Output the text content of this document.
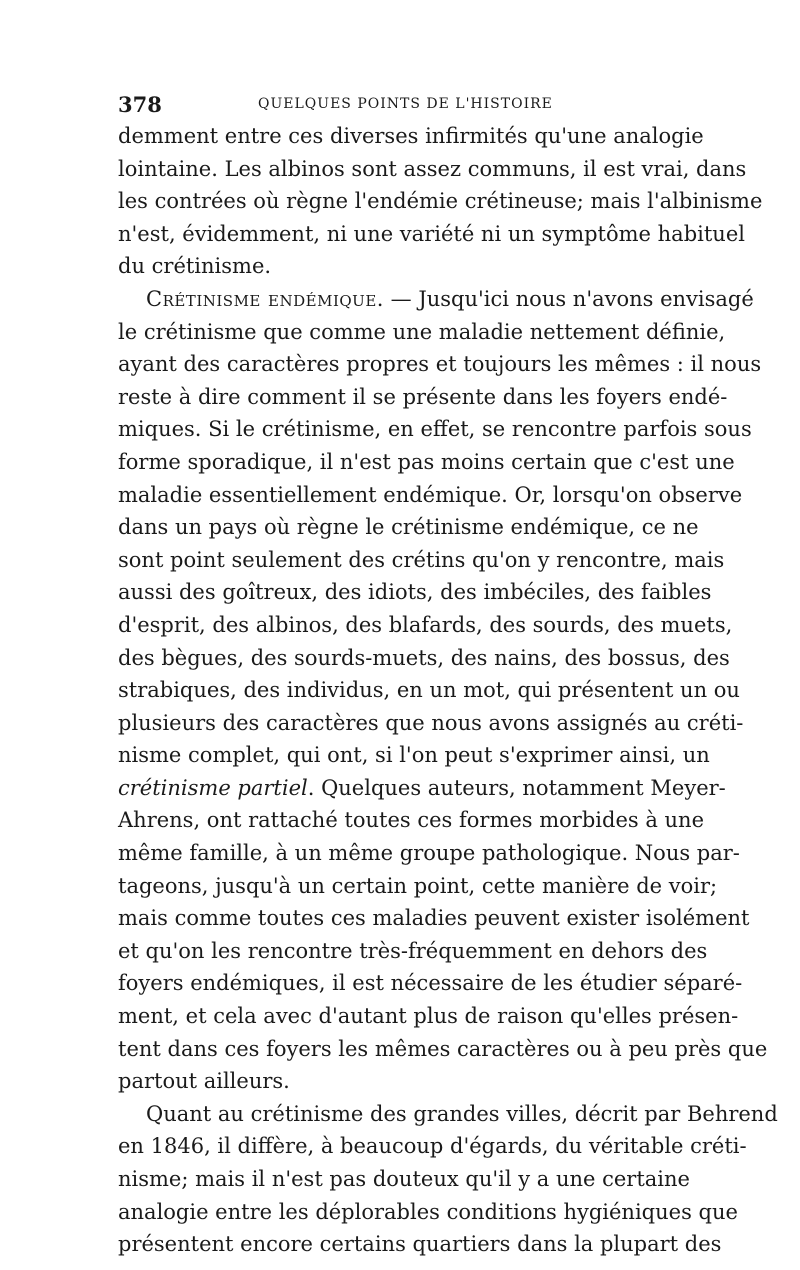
378	QUELQUES POINTS DE L'HISTOIRE
demment entre ces diverses infirmités qu'une analogie
lointaine. Les albinos sont assez communs, il est vrai, dans
les contrées où règne l'endémie crétineuse; mais l'albinisme
n'est, évidemment, ni une variété ni un symptôme habituel
du crétinisme.
Crétinisme endémique. — Jusqu'ici nous n'avons envisagé
le crétinisme que comme une maladie nettement définie,
ayant des caractères propres et toujours les mêmes : il nous
reste à dire comment il se présente dans les foyers endé-
miques. Si le crétinisme, en effet, se rencontre parfois sous
forme sporadique, il n'est pas moins certain que c'est une
maladie essentiellement endémique. Or, lorsqu'on observe
dans un pays où règne le crétinisme endémique, ce ne
sont point seulement des crétins qu'on y rencontre, mais
aussi des goîtreux, des idiots, des imbéciles, des faibles
d'esprit, des albinos, des blafards, des sourds, des muets,
des bègues, des sourds-muets, des nains, des bossus, des
strabiques, des individus, en un mot, qui présentent un ou
plusieurs des caractères que nous avons assignés au créti-
nisme complet, qui ont, si l'on peut s'exprimer ainsi, un
crétinisme partiel. Quelques auteurs, notamment Meyer-
Ahrens, ont rattaché toutes ces formes morbides à une
même famille, à un même groupe pathologique. Nous par-
tageons, jusqu'à un certain point, cette manière de voir;
mais comme toutes ces maladies peuvent exister isolément
et qu'on les rencontre très-fréquemment en dehors des
foyers endémiques, il est nécessaire de les étudier séparé-
ment, et cela avec d'autant plus de raison qu'elles présen-
tent dans ces foyers les mêmes caractères ou à peu près que
partout ailleurs.
Quant au crétinisme des grandes villes, décrit par Behrend
en 1846, il diffère, à beaucoup d'égards, du véritable créti-
nisme; mais il n'est pas douteux qu'il y a une certaine
analogie entre les déplorables conditions hygiéniques que
présentent encore certains quartiers dans la plupart des
